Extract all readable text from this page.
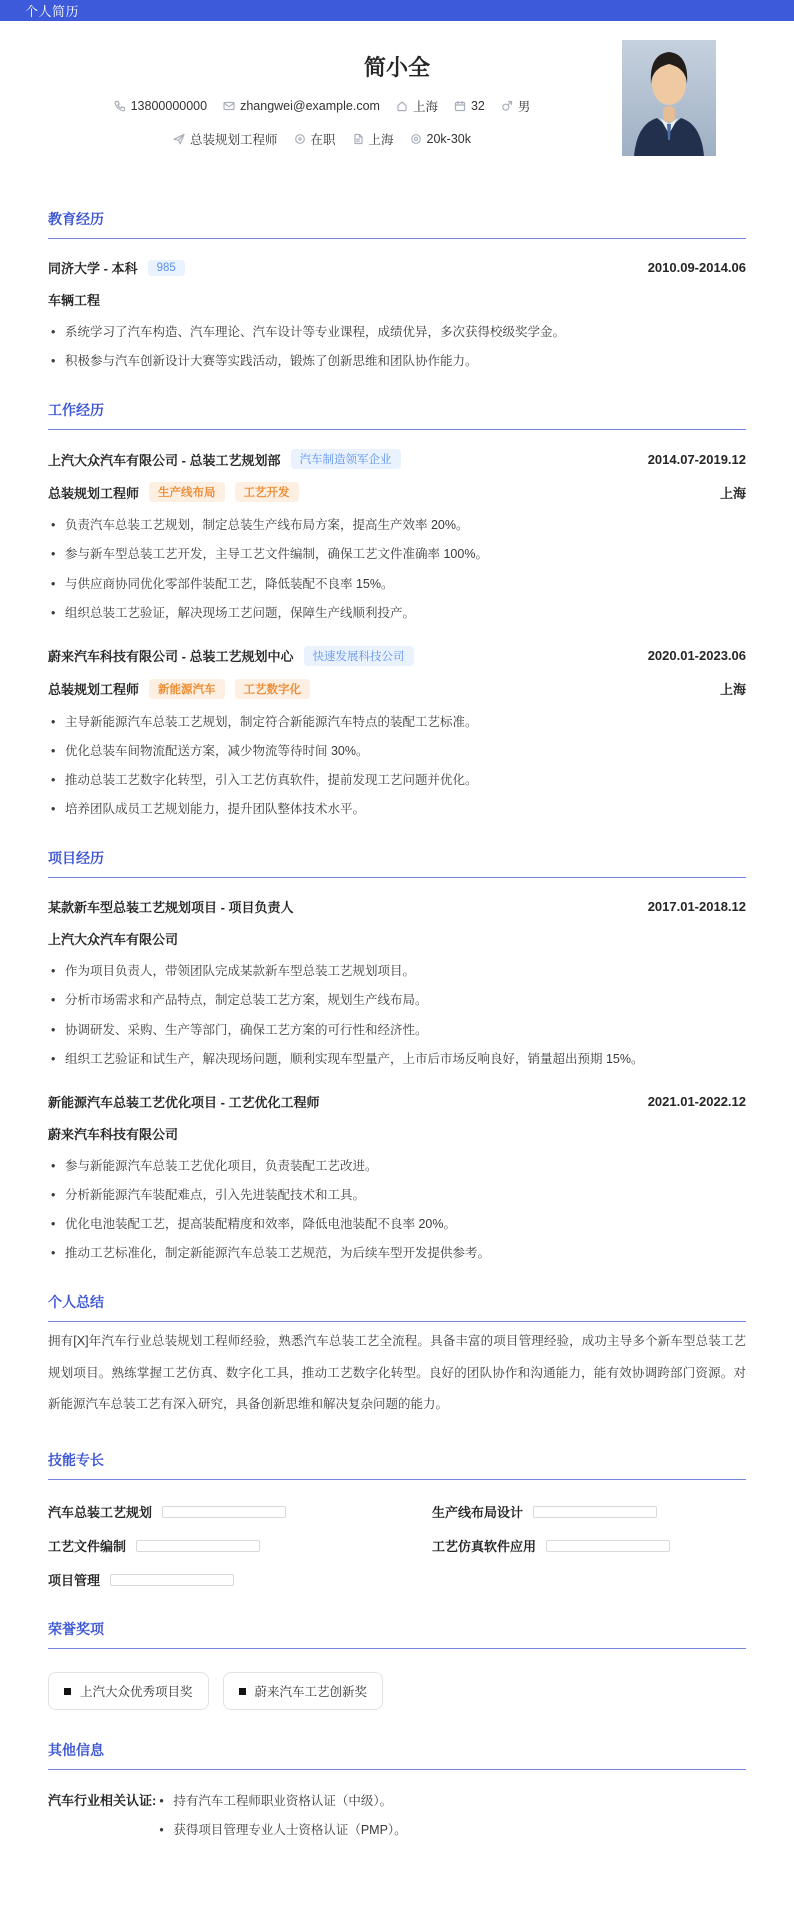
个人简历
简小全
13800000000	zhangwei@example.com	上海	32	男
总装规划工程师	在职	上海	20k-30k
教育经历
同济大学 - 本科	985	2010.09-2014.06
车辆工程
• 系统学习了汽车构造、汽车理论、汽车设计等专业课程，成绩优异，多次获得校级奖学金。
• 积极参与汽车创新设计大赛等实践活动，锻炼了创新思维和团队协作能力。
工作经历
上汽大众汽车有限公司 - 总装工艺规划部	汽车制造领军企业	2014.07-2019.12
总装规划工程师	生产线布局	工艺开发	上海
• 负责汽车总装工艺规划，制定总装生产线布局方案，提高生产效率 20%。
• 参与新车型总装工艺开发，主导工艺文件编制，确保工艺文件准确率 100%。
• 与供应商协同优化零部件装配工艺，降低装配不良率 15%。
• 组织总装工艺验证，解决现场工艺问题，保障生产线顺利投产。
蔚来汽车科技有限公司 - 总装工艺规划中心	快速发展科技公司	2020.01-2023.06
总装规划工程师	新能源汽车	工艺数字化	上海
• 主导新能源汽车总装工艺规划，制定符合新能源汽车特点的装配工艺标准。
• 优化总装车间物流配送方案，减少物流等待时间 30%。
• 推动总装工艺数字化转型，引入工艺仿真软件，提前发现工艺问题并优化。
• 培养团队成员工艺规划能力，提升团队整体技术水平。
项目经历
某款新车型总装工艺规划项目 - 项目负责人	2017.01-2018.12
上汽大众汽车有限公司
• 作为项目负责人，带领团队完成某款新车型总装工艺规划项目。
• 分析市场需求和产品特点，制定总装工艺方案，规划生产线布局。
• 协调研发、采购、生产等部门，确保工艺方案的可行性和经济性。
• 组织工艺验证和试生产，解决现场问题，顺利实现车型量产，上市后市场反响良好，销量超出预期 15%。
新能源汽车总装工艺优化项目 - 工艺优化工程师	2021.01-2022.12
蔚来汽车科技有限公司
• 参与新能源汽车总装工艺优化项目，负责装配工艺改进。
• 分析新能源汽车装配难点，引入先进装配技术和工具。
• 优化电池装配工艺，提高装配精度和效率，降低电池装配不良率 20%。
• 推动工艺标准化，制定新能源汽车总装工艺规范，为后续车型开发提供参考。
个人总结

拥有[X]年汽车行业总装规划工程师经验，熟悉汽车总装工艺全流程。具备丰富的项目管理经验，成功主导多个新车型总装工艺规划项目。熟练掌握工艺仿真、数字化工具，推动工艺数字化转型。良好的团队协作和沟通能力，能有效协调跨部门资源。对新能源汽车总装工艺有深入研究，具备创新思维和解决复杂问题的能力。

技能专长
汽车总装工艺规划	生产线布局设计
工艺文件编制	工艺仿真软件应用
项目管理
荣誉奖项
上汽大众优秀项目奖	蔚来汽车工艺创新奖
其他信息
汽车行业相关认证:	• 持有汽车工程师职业资格认证（中级）。
• 获得项目管理专业人士资格认证（PMP）。
